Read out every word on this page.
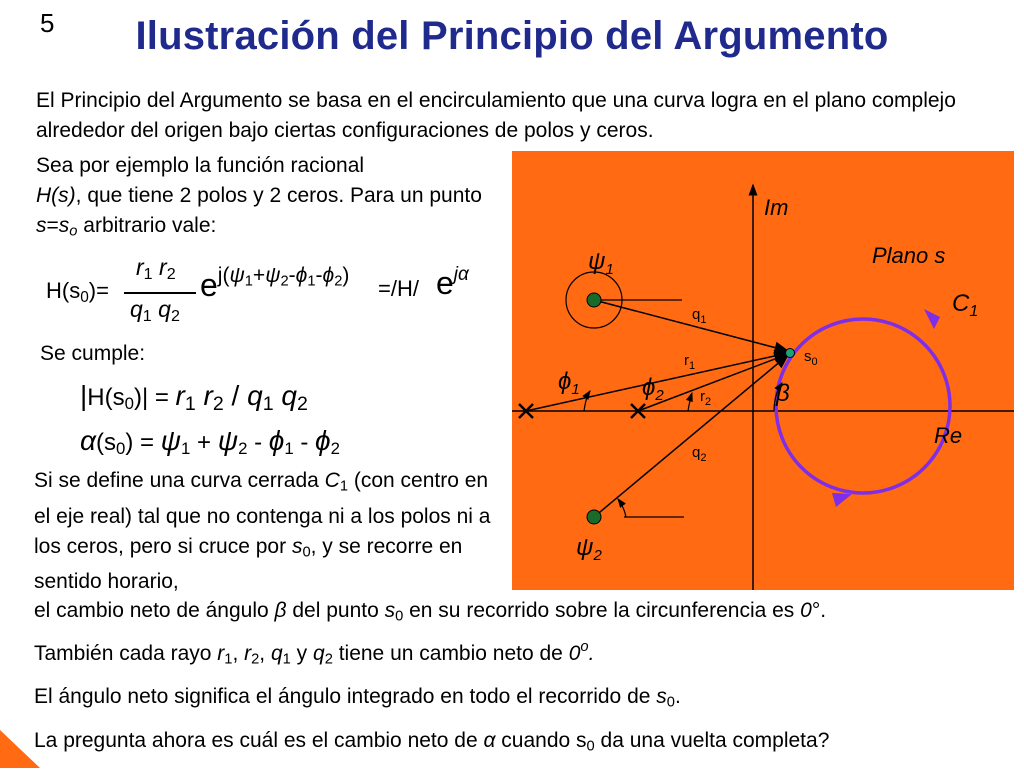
5	Ilustración del Principio del Argumento
El Principio del Argumento se basa en el encirculamiento que una curva logra en el plano complejo alrededor del origen bajo ciertas configuraciones de polos y ceros.
Sea por ejemplo la función racional
H(s), que tiene 2 polos y 2 ceros. Para un punto $s=s_o$ arbitrario vale:
$H(s_0)=$
$r_1$ $r_2$
$q_1$ $q_2$
$e^{j(\psi_1+\psi_2-\phi_1-\phi_2)}$
=/H/ $e^{j\alpha}$
Se cumple:
$|H(s_0)| = r_1$ $r_2 / q_1$ $q_2$
$\alpha(s_0) = \psi_1 + \psi_2 - \phi_1 - \phi_2$
Si se define una curva cerrada $C_1$ (con centro en el eje real) tal que no contenga ni a los polos ni a los ceros, pero si cruce por $s_0$, y se recorre en sentido horario,

el cambio neto de ángulo β del punto $s_0$ en su recorrido sobre la circunferencia es 0°.

También cada rayo $r_1$, $r_2$, $q_1$ y $q_2$ tiene un cambio neto de 0$^o$.

El ángulo neto significa el ángulo integrado en todo el recorrido de $s_0$.

La pregunta ahora es cuál es el cambio neto de α cuando $s_0$ da una vuelta completa?

Im
Re
Plano s
$C_1$
$\psi_1$
$\psi_2$
$\phi_1$	$\phi_2$	β
$q_1$
$r_1$
$r_2$
$q_2$
$s_0$
